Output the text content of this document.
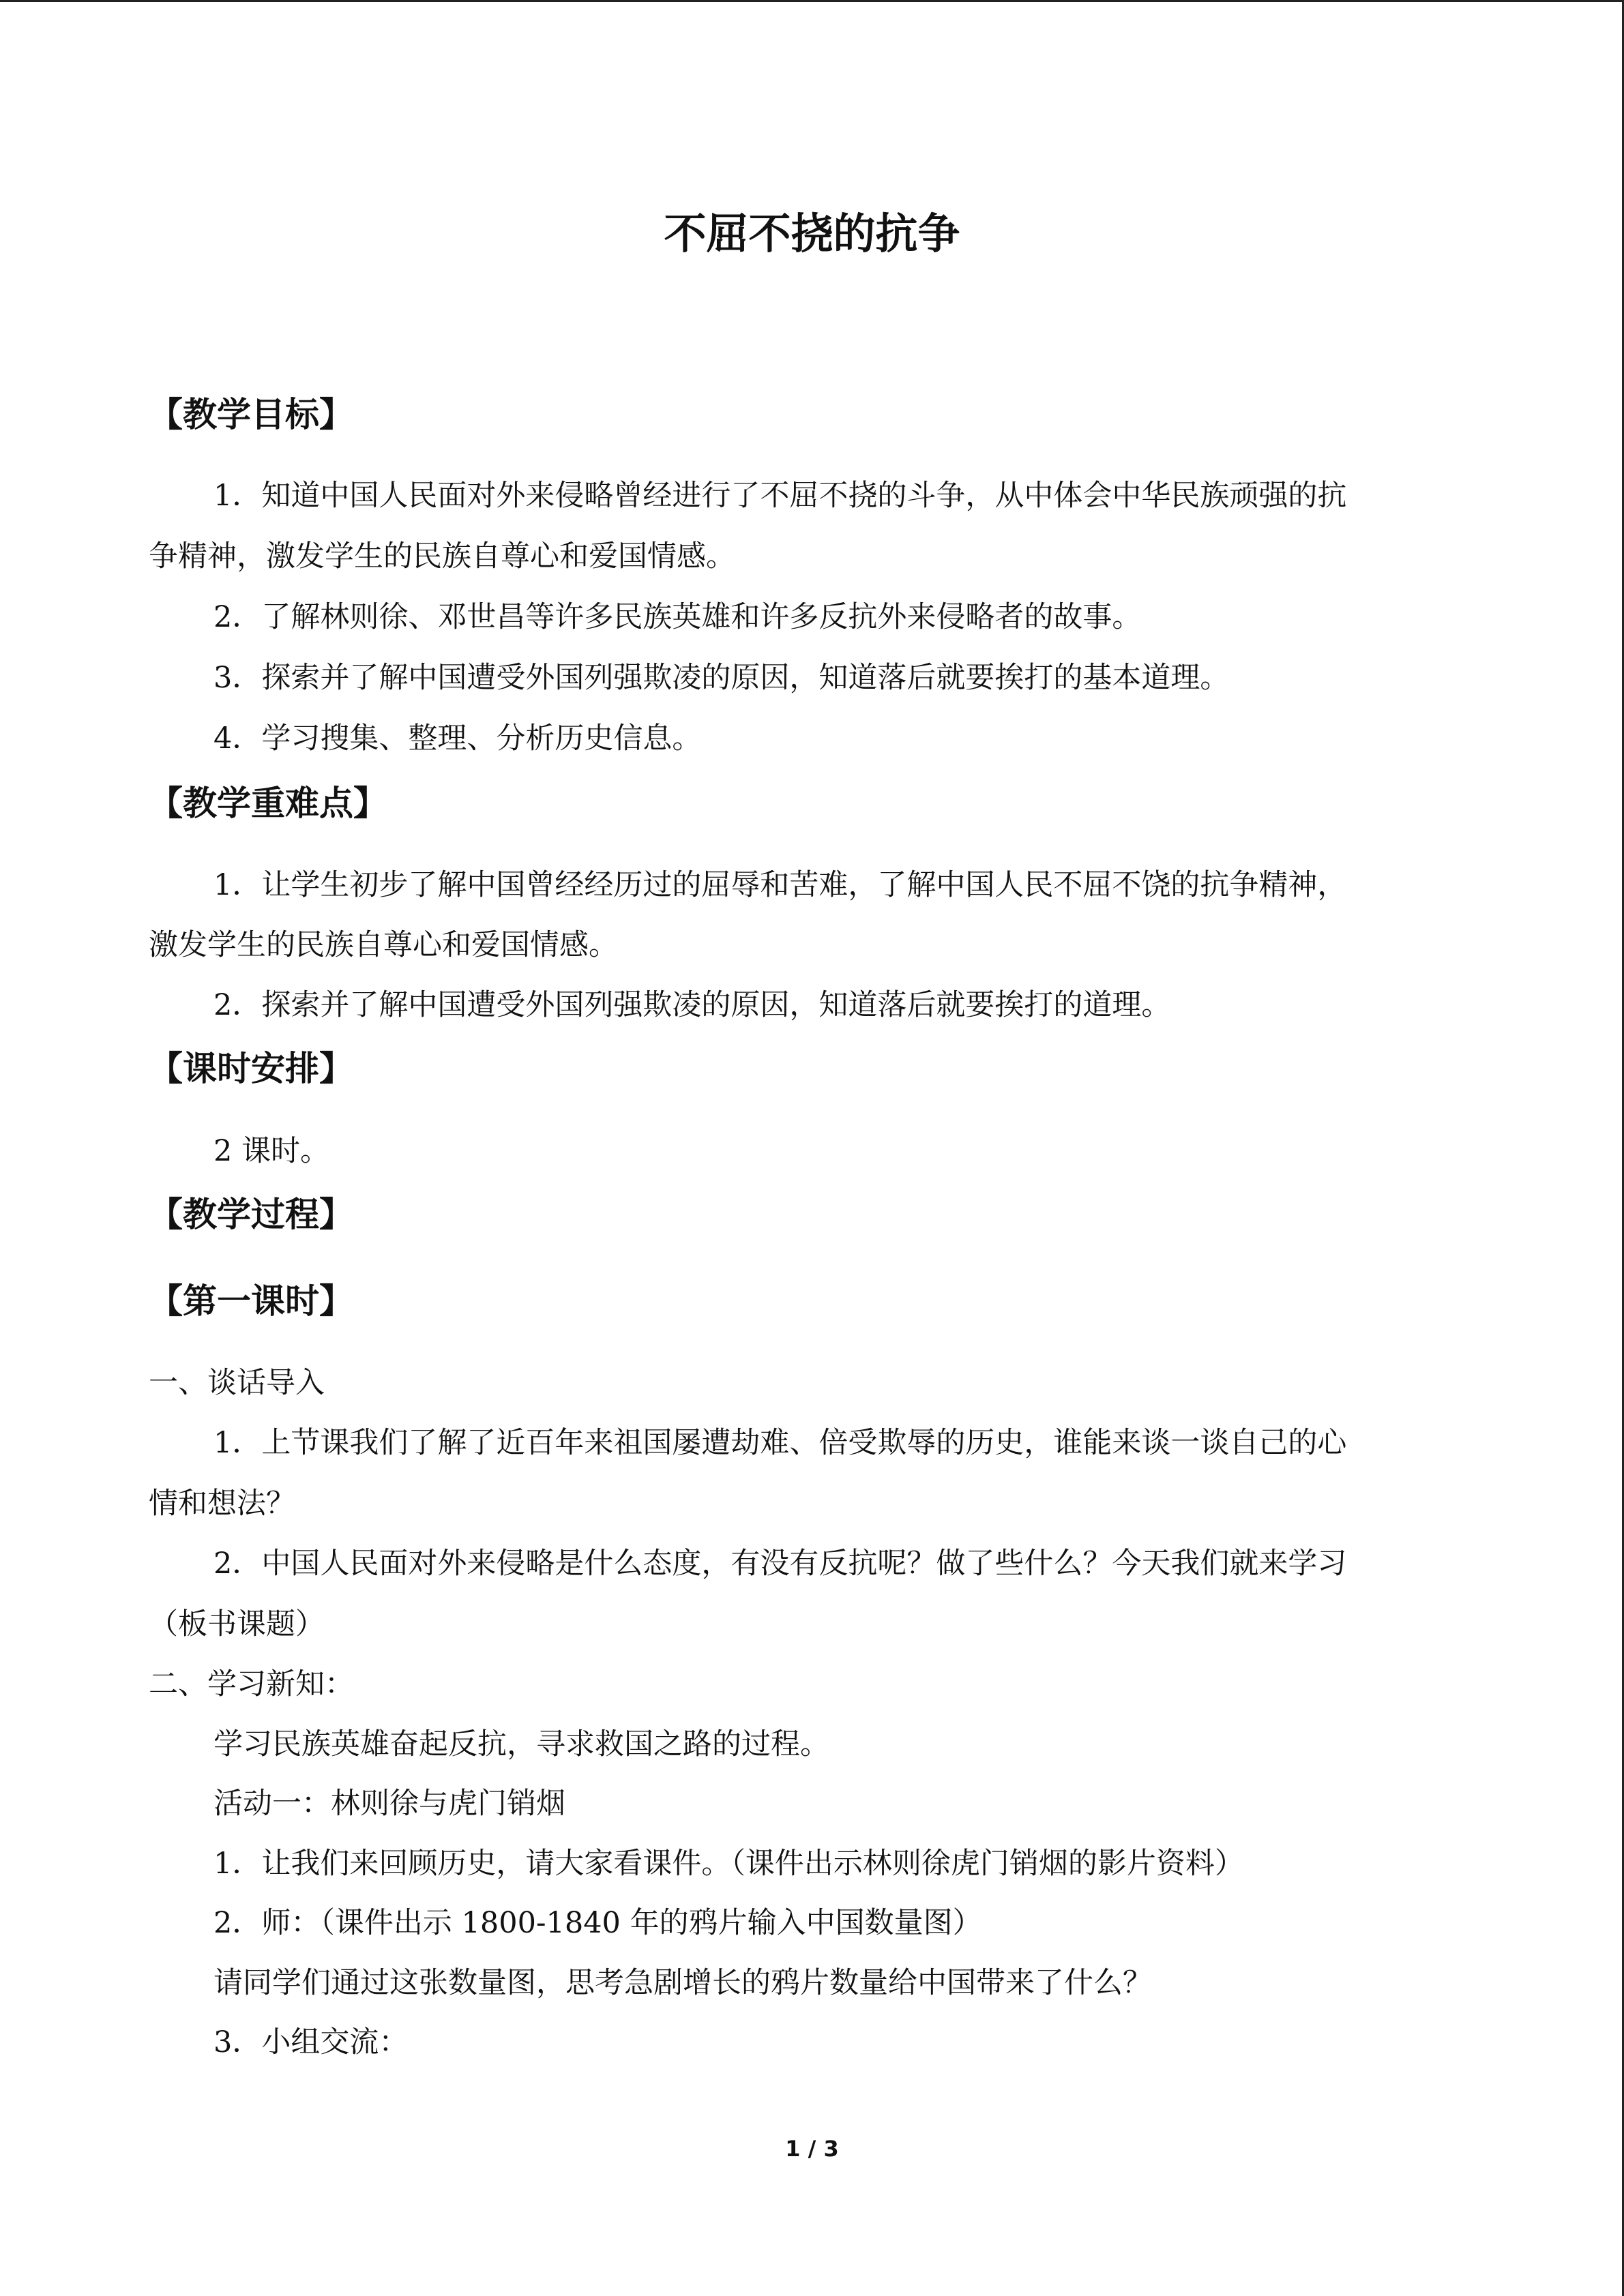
不屈不挠的抗争
【教学目标】
1．知道中国人民面对外来侵略曾经进行了不屈不挠的斗争，从中体会中华民族顽强的抗
争精神，激发学生的民族自尊心和爱国情感。
2．了解林则徐、邓世昌等许多民族英雄和许多反抗外来侵略者的故事。
3．探索并了解中国遭受外国列强欺凌的原因，知道落后就要挨打的基本道理。
4．学习搜集、整理、分析历史信息。
【教学重难点】
1．让学生初步了解中国曾经经历过的屈辱和苦难，了解中国人民不屈不饶的抗争精神，
激发学生的民族自尊心和爱国情感。
2．探索并了解中国遭受外国列强欺凌的原因，知道落后就要挨打的道理。
【课时安排】
2 课时。
【教学过程】
【第一课时】
一、谈话导入
1．上节课我们了解了近百年来祖国屡遭劫难、倍受欺辱的历史，谁能来谈一谈自己的心
情和想法？
2．中国人民面对外来侵略是什么态度，有没有反抗呢？做了些什么？今天我们就来学习
（板书课题）
二、学习新知：
学习民族英雄奋起反抗，寻求救国之路的过程。
活动一：林则徐与虎门销烟
1．让我们来回顾历史，请大家看课件。（课件出示林则徐虎门销烟的影片资料）
2．师：（课件出示 1800-1840 年的鸦片输入中国数量图）
请同学们通过这张数量图，思考急剧增长的鸦片数量给中国带来了什么？
3．小组交流：
1 / 3
